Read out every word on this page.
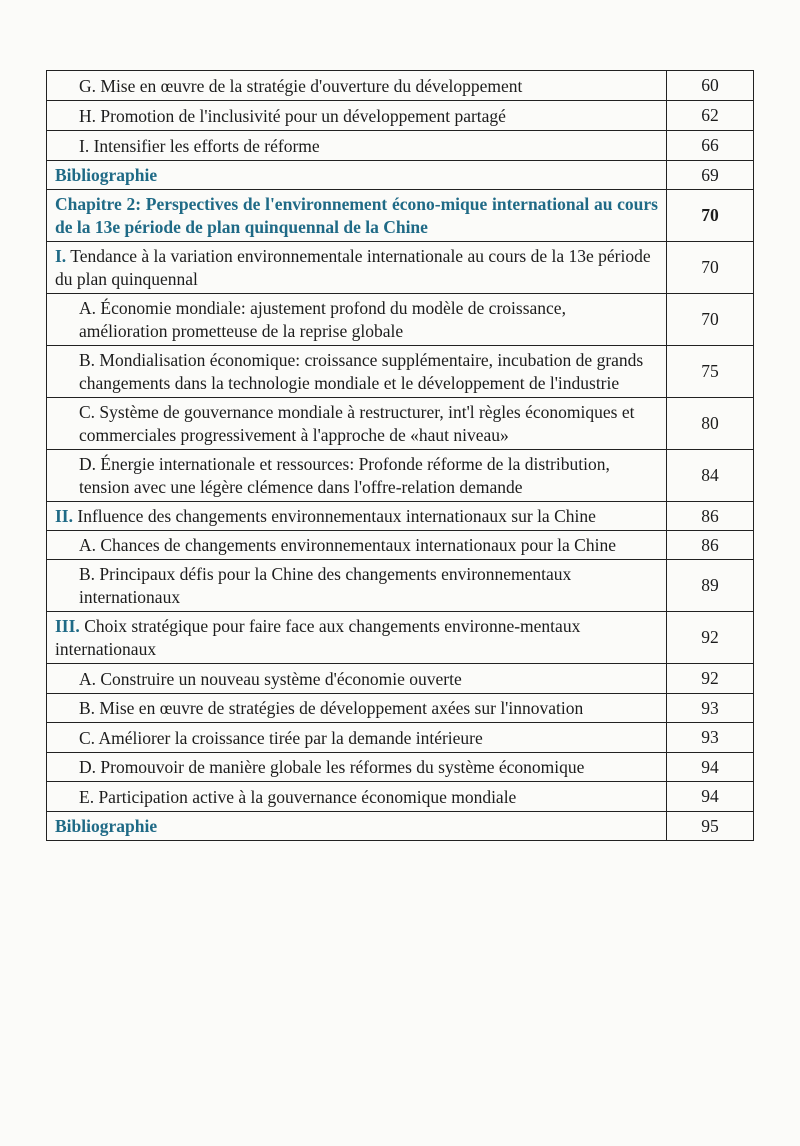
G. Mise en œuvre de la stratégie d'ouverture du développement	60
H. Promotion de l'inclusivité pour un développement partagé	62
I. Intensifier les efforts de réforme	66
Bibliographie	69
Chapitre 2: Perspectives de l'environnement écono-mique international au cours de la 13e période de plan quinquennal de la Chine	70
I. Tendance à la variation environnementale internationale au cours de la 13e période du plan quinquennal	70
A. Économie mondiale: ajustement profond du modèle de croissance, amélioration prometteuse de la reprise globale	70
B. Mondialisation économique: croissance supplémentaire, incubation de grands changements dans la technologie mondiale et le développement de l'industrie	75
C. Système de gouvernance mondiale à restructurer, int'l règles économiques et commerciales progressivement à l'approche de «haut niveau»	80
D. Énergie internationale et ressources: Profonde réforme de la distribution, tension avec une légère clémence dans l'offre-relation demande	84
II. Influence des changements environnementaux internationaux sur la Chine	86
A. Chances de changements environnementaux internationaux pour la Chine	86
B. Principaux défis pour la Chine des changements environnementaux internationaux	89
III. Choix stratégique pour faire face aux changements environne-mentaux internationaux	92
A. Construire un nouveau système d'économie ouverte	92
B. Mise en œuvre de stratégies de développement axées sur l'innovation	93
C. Améliorer la croissance tirée par la demande intérieure	93
D. Promouvoir de manière globale les réformes du système économique	94
E. Participation active à la gouvernance économique mondiale	94
Bibliographie	95
